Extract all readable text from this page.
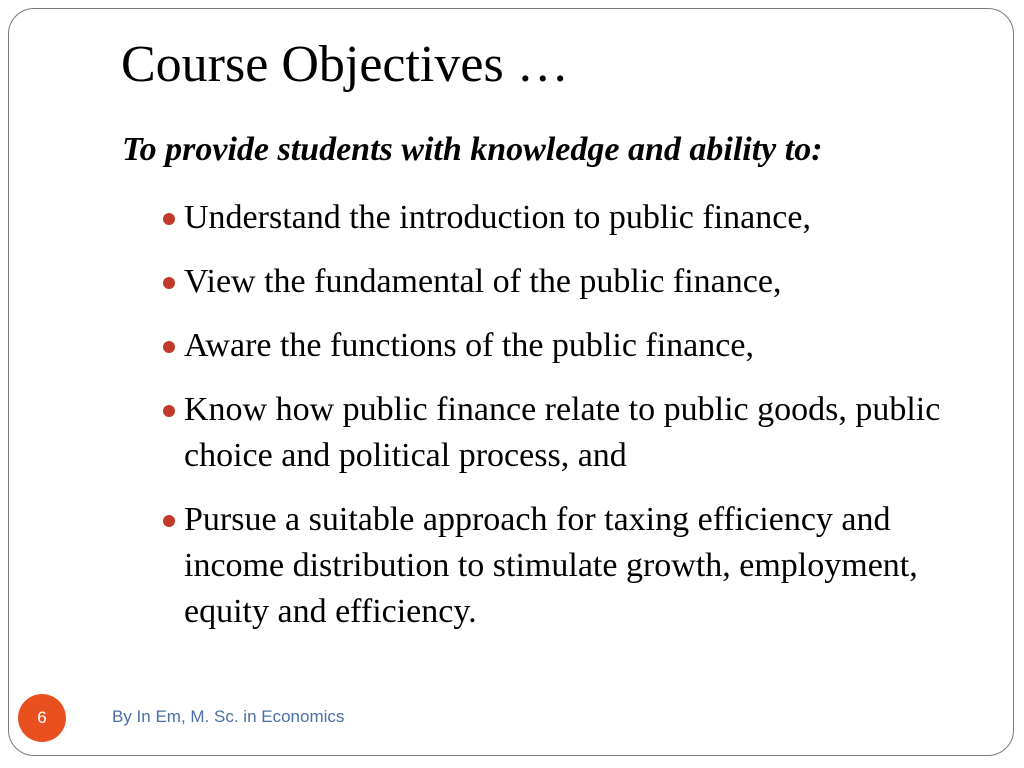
Course Objectives …
To provide students with knowledge and ability to:
Understand the introduction to public finance,
View the fundamental of the public finance,
Aware the functions of the public finance,
Know how public finance relate to public goods, public choice and political process, and
Pursue a suitable approach for taxing efficiency and income distribution to stimulate growth, employment, equity and efficiency.
6	By In Em, M. Sc. in Economics
